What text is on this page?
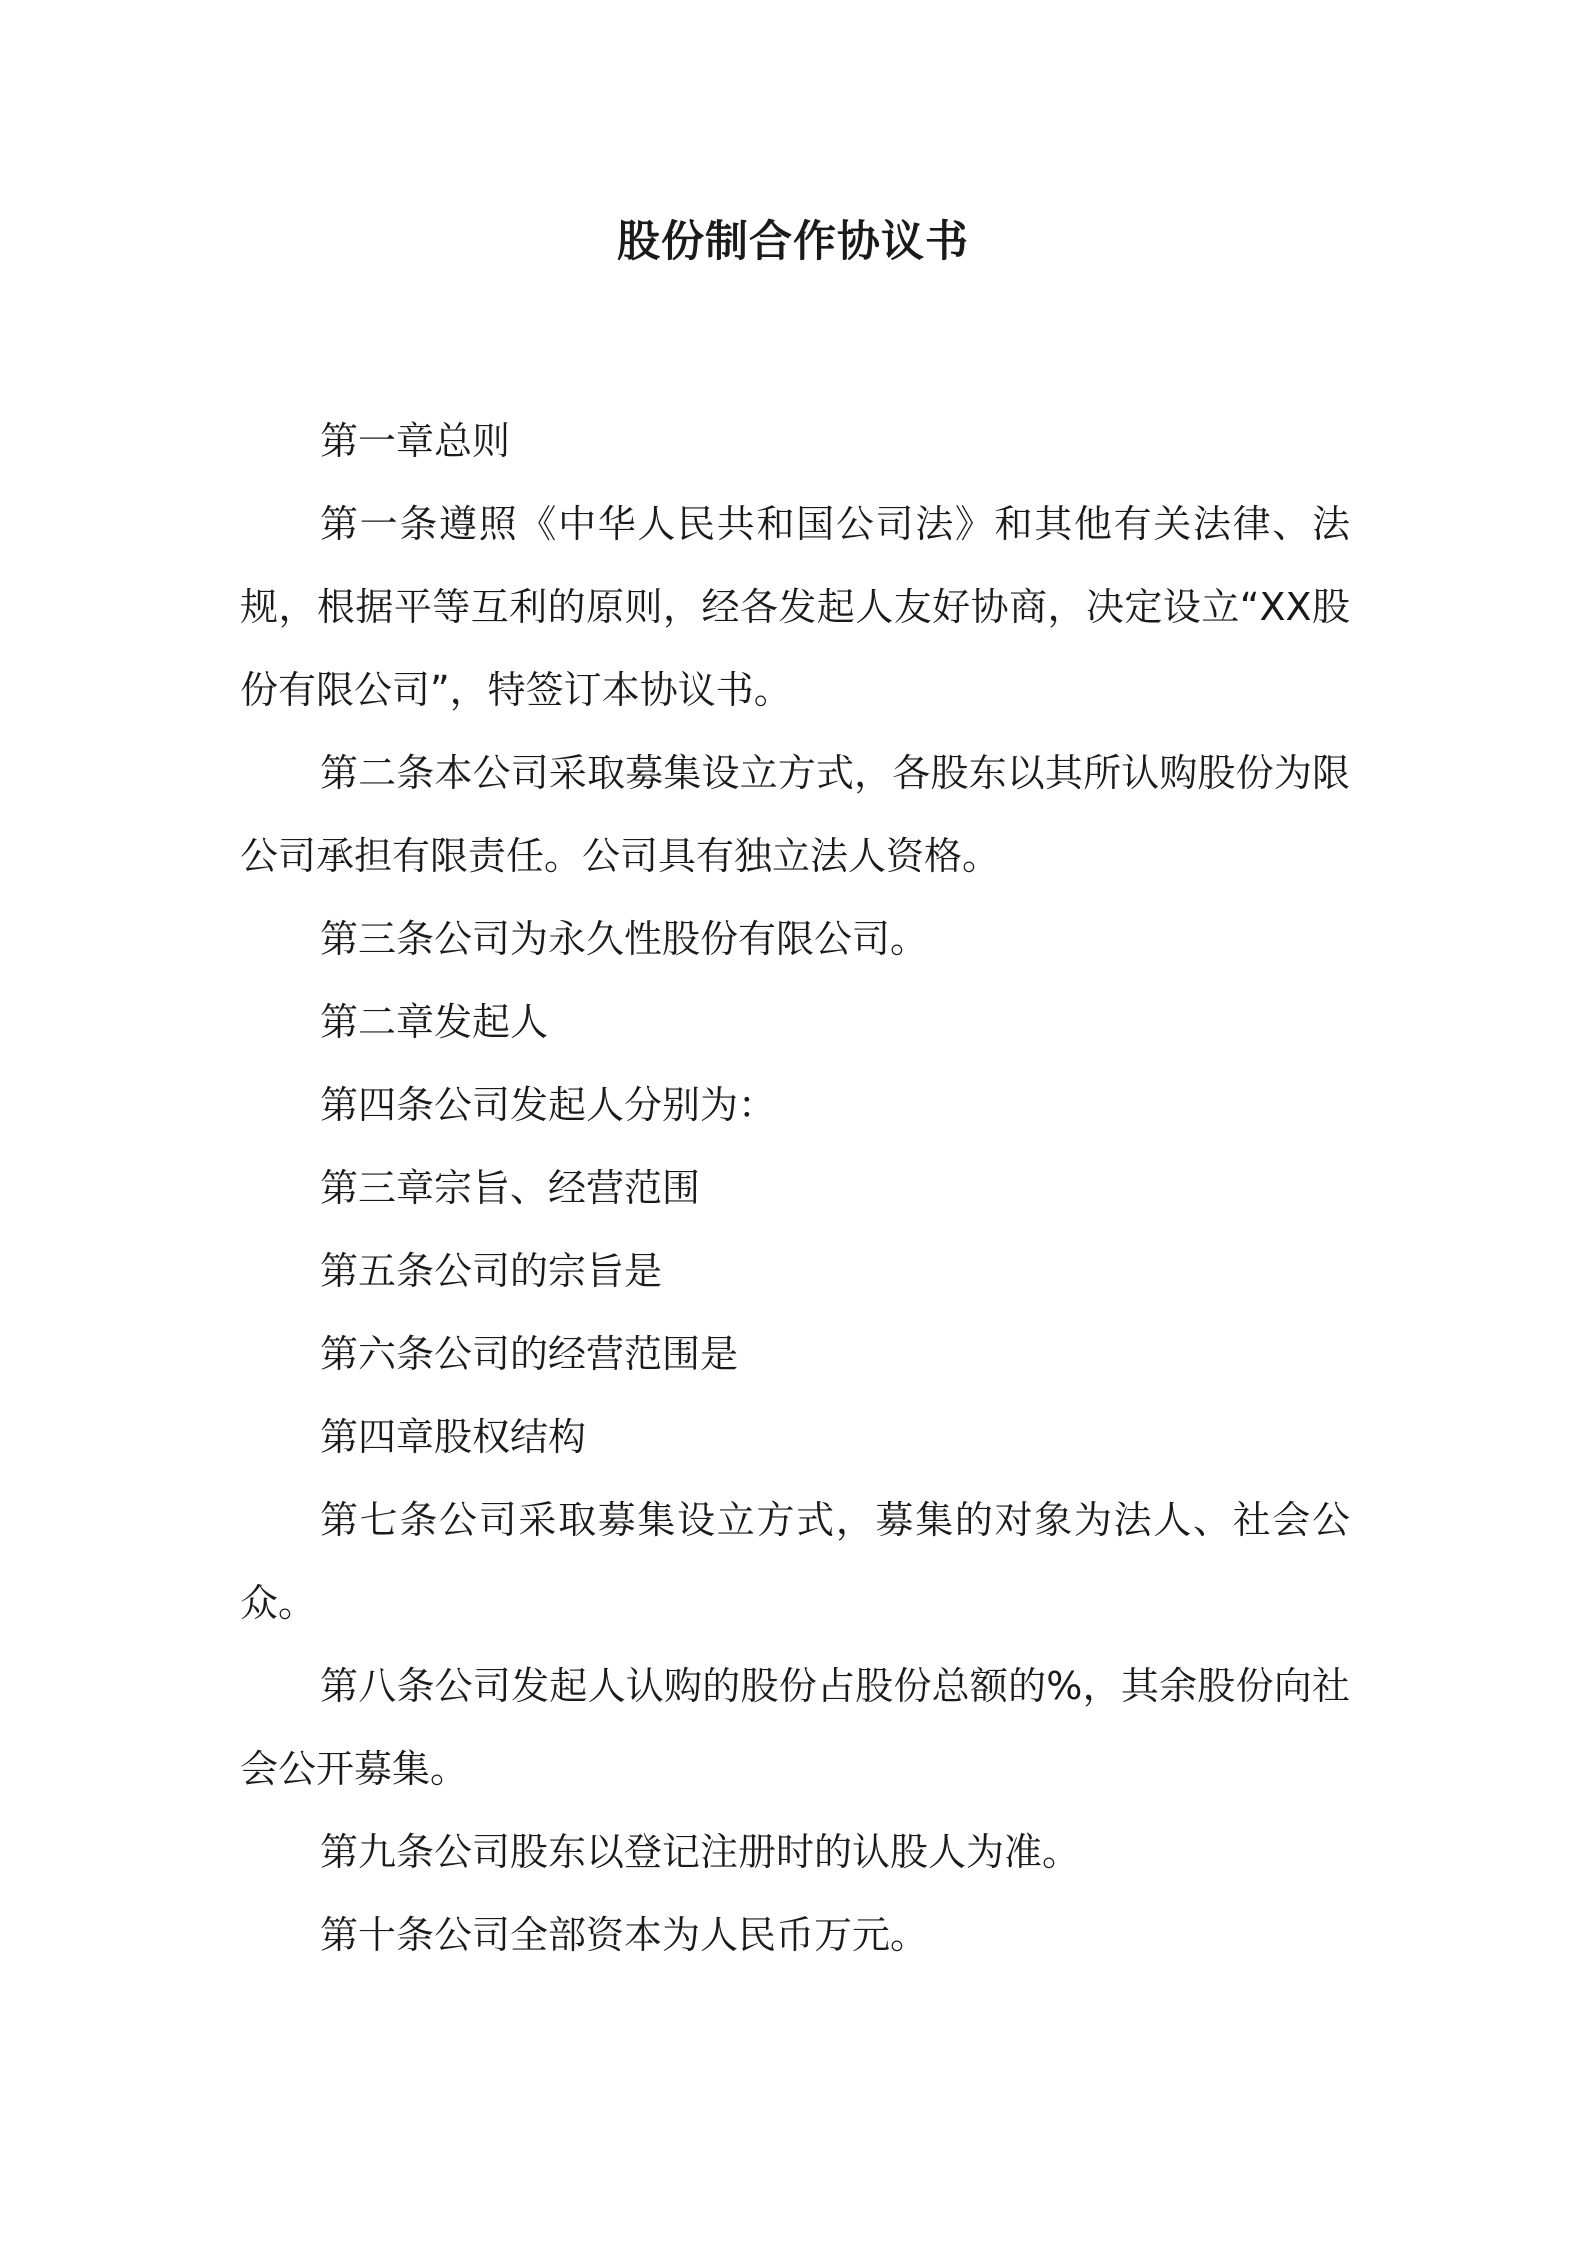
股份制合作协议书

第一章总则

第一条遵照《中华人民共和国公司法》和其他有关法律、法规，根据平等互利的原则，经各发起人友好协商，决定设立“XX股份有限公司”，特签订本协议书。

第二条本公司采取募集设立方式，各股东以其所认购股份为限公司承担有限责任。公司具有独立法人资格。

第三条公司为永久性股份有限公司。

第二章发起人

第四条公司发起人分别为：

第三章宗旨、经营范围

第五条公司的宗旨是

第六条公司的经营范围是

第四章股权结构

第七条公司采取募集设立方式，募集的对象为法人、社会公众。

第八条公司发起人认购的股份占股份总额的%，其余股份向社会公开募集。

第九条公司股东以登记注册时的认股人为准。

第十条公司全部资本为人民币万元。
